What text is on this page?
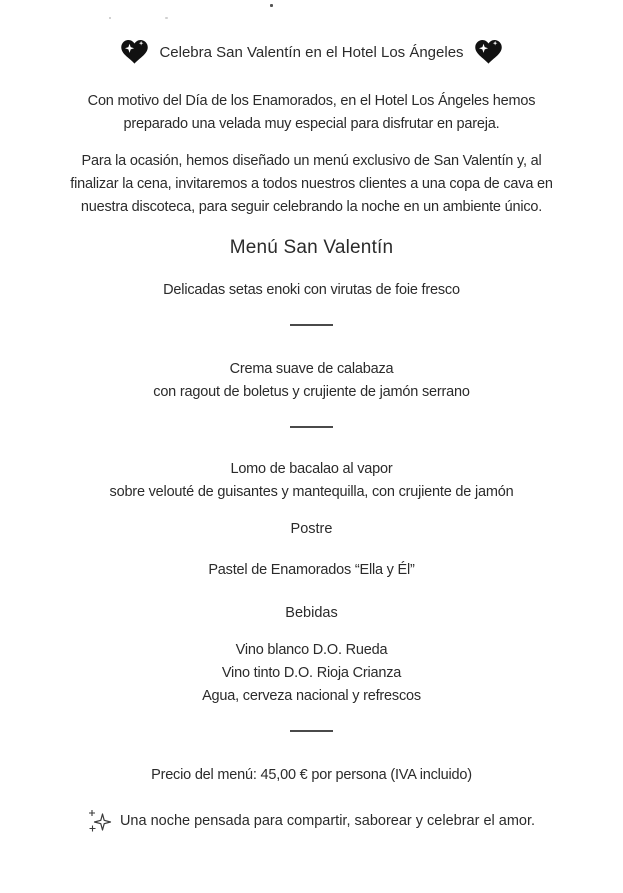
Celebra San Valentín en el Hotel Los Ángeles
Con motivo del Día de los Enamorados, en el Hotel Los Ángeles hemos
preparado una velada muy especial para disfrutar en pareja.
Para la ocasión, hemos diseñado un menú exclusivo de San Valentín y, al
finalizar la cena, invitaremos a todos nuestros clientes a una copa de cava en
nuestra discoteca, para seguir celebrando la noche en un ambiente único.
Menú San Valentín
Delicadas setas enoki con virutas de foie fresco
Crema suave de calabaza
con ragout de boletus y crujiente de jamón serrano
Lomo de bacalao al vapor
sobre velouté de guisantes y mantequilla, con crujiente de jamón
Postre
Pastel de Enamorados “Ella y Él”
Bebidas
Vino blanco D.O. Rueda
Vino tinto D.O. Rioja Crianza
Agua, cerveza nacional y refrescos
Precio del menú: 45,00 € por persona (IVA incluido)
Una noche pensada para compartir, saborear y celebrar el amor.
